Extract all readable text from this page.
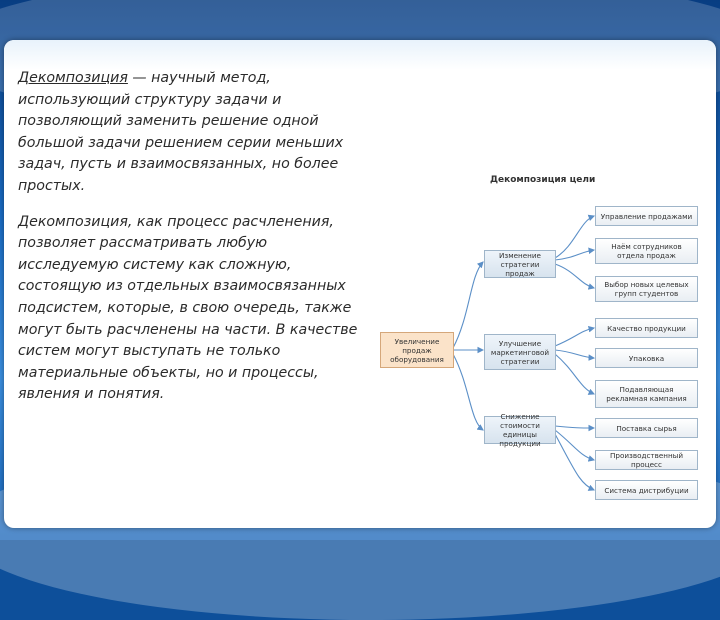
Декомпозиция — научный метод, использующий структуру задачи и позволяющий заменить решение одной большой задачи решением серии меньших задач, пусть и взаимосвязанных, но более простых.

Декомпозиция, как процесс расчленения, позволяет рассматривать любую исследуемую систему как сложную, состоящую из отдельных взаимосвязанных подсистем, которые, в свою очередь, также могут быть расчленены на части. В качестве систем могут выступать не только материальные объекты, но и процессы, явления и понятия.

Декомпозиция цели
Увеличение продаж оборудования
Изменение стратегии продаж
Улучшение маркетинговой стратегии
Снижение стоимости единицы продукции
Управление продажами
Наём сотрудников отдела продаж
Выбор новых целевых групп студентов
Качество продукции
Упаковка
Подавляющая рекламная кампания
Поставка сырья
Производственный процесс
Система дистрибуции
